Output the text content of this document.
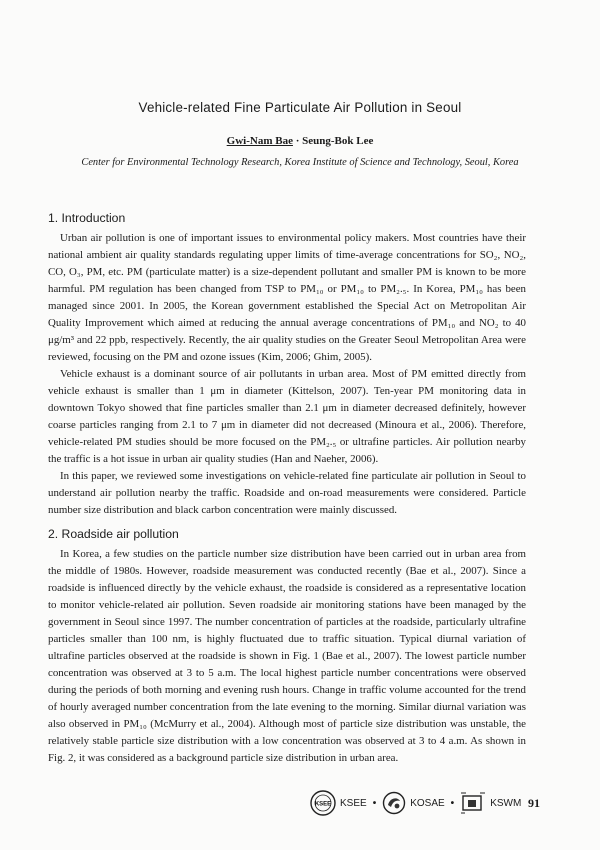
Vehicle-related Fine Particulate Air Pollution in Seoul
Gwi-Nam Bae · Seung-Bok Lee
Center for Environmental Technology Research, Korea Institute of Science and Technology, Seoul, Korea
1. Introduction

Urban air pollution is one of important issues to environmental policy makers. Most countries have their national ambient air quality standards regulating upper limits of time-average concentrations for SO₂, NO₂, CO, O₃, PM, etc. PM (particulate matter) is a size-dependent pollutant and smaller PM is known to be more harmful. PM regulation has been changed from TSP to PM₁₀ or PM₁₀ to PM₂.₅. In Korea, PM₁₀ has been managed since 2001. In 2005, the Korean government established the Special Act on Metropolitan Air Quality Improvement which aimed at reducing the annual average concentrations of PM₁₀ and NO₂ to 40 μg/m³ and 22 ppb, respectively. Recently, the air quality studies on the Greater Seoul Metropolitan Area were reviewed, focusing on the PM and ozone issues (Kim, 2006; Ghim, 2005).

Vehicle exhaust is a dominant source of air pollutants in urban area. Most of PM emitted directly from vehicle exhaust is smaller than 1 μm in diameter (Kittelson, 2007). Ten-year PM monitoring data in downtown Tokyo showed that fine particles smaller than 2.1 μm in diameter decreased definitely, however coarse particles ranging from 2.1 to 7 μm in diameter did not decreased (Minoura et al., 2006). Therefore, vehicle-related PM studies should be more focused on the PM₂.₅ or ultrafine particles. Air pollution nearby the traffic is a hot issue in urban air quality studies (Han and Naeher, 2006).

In this paper, we reviewed some investigations on vehicle-related fine particulate air pollution in Seoul to understand air pollution nearby the traffic. Roadside and on-road measurements were considered. Particle number size distribution and black carbon concentration were mainly discussed.

2. Roadside air pollution

In Korea, a few studies on the particle number size distribution have been carried out in urban area from the middle of 1980s. However, roadside measurement was conducted recently (Bae et al., 2007). Since a roadside is influenced directly by the vehicle exhaust, the roadside is considered as a representative location to monitor vehicle-related air pollution. Seven roadside air monitoring stations have been managed by the government in Seoul since 1997. The number concentration of particles at the roadside, particularly ultrafine particles smaller than 100 nm, is highly fluctuated due to traffic situation. Typical diurnal variation of ultrafine particles observed at the roadside is shown in Fig. 1 (Bae et al., 2007). The lowest particle number concentration was observed at 3 to 5 a.m. The local highest particle number concentrations were observed during the periods of both morning and evening rush hours. Change in traffic volume accounted for the trend of hourly averaged number concentration from the late evening to the morning. Similar diurnal variation was also observed in PM₁₀ (McMurry et al., 2004). Although most of particle size distribution was unstable, the relatively stable particle size distribution with a low concentration was observed at 3 to 4 a.m. As shown in Fig. 2, it was considered as a background particle size distribution in urban area.

KSEE KSEE •	KOSAE •	KSWM 91
